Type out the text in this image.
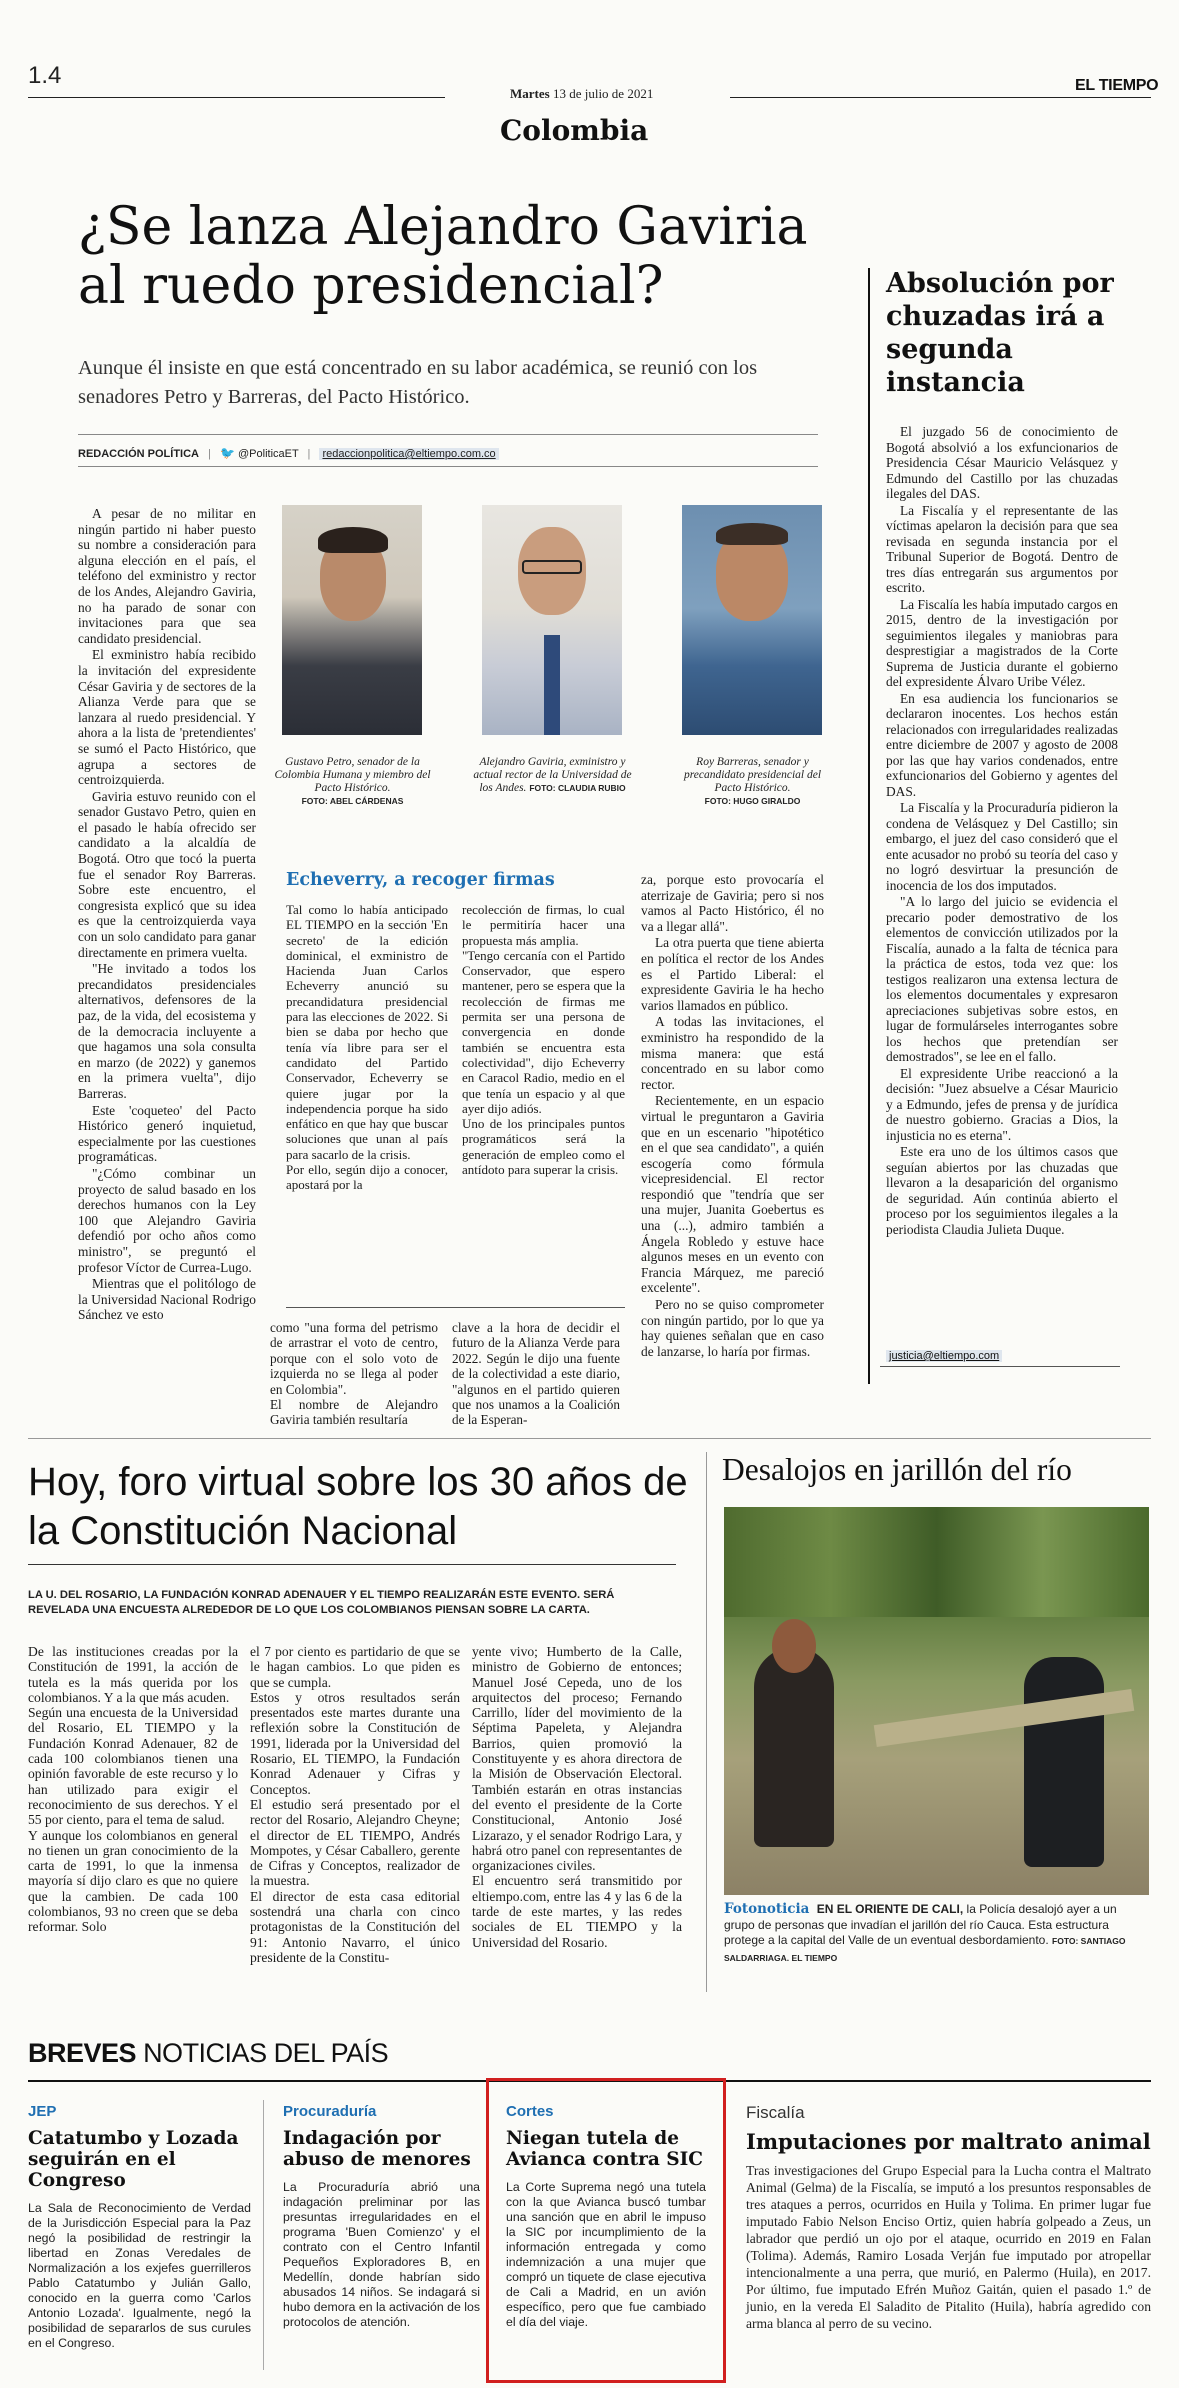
1.4
Martes 13 de julio de 2021	EL TIEMPO
Colombia
¿Se lanza Alejandro Gaviria al ruedo presidencial?
Aunque él insiste en que está concentrado en su labor académica, se reunió con los senadores Petro y Barreras, del Pacto Histórico.
REDACCIÓN POLÍTICA | 🐦 @PoliticaET | redaccionpolitica@eltiempo.com.co

A pesar de no militar en ningún partido ni haber puesto su nombre a consideración para alguna elección en el país, el teléfono del exministro y rector de los Andes, Alejandro Gaviria, no ha parado de sonar con invitaciones para que sea candidato presidencial.

El exministro había recibido la invitación del expresidente César Gaviria y de sectores de la Alianza Verde para que se lanzara al ruedo presidencial. Y ahora a la lista de 'pretendientes' se sumó el Pacto Histórico, que agrupa a sectores de centroizquierda.

Gaviria estuvo reunido con el senador Gustavo Petro, quien en el pasado le había ofrecido ser candidato a la alcaldía de Bogotá. Otro que tocó la puerta fue el senador Roy Barreras. Sobre este encuentro, el congresista explicó que su idea es que la centroizquierda vaya con un solo candidato para ganar directamente en primera vuelta.

"He invitado a todos los precandidatos presidenciales alternativos, defensores de la paz, de la vida, del ecosistema y de la democracia incluyente a que hagamos una sola consulta en marzo (de 2022) y ganemos en la primera vuelta", dijo Barreras.

Este 'coqueteo' del Pacto Histórico generó inquietud, especialmente por las cuestiones programáticas.

"¿Cómo combinar un proyecto de salud basado en los derechos humanos con la Ley 100 que Alejandro Gaviria defendió por ocho años como ministro", se preguntó el profesor Víctor de Currea-Lugo.

Mientras que el politólogo de la Universidad Nacional Rodrigo Sánchez ve esto

Gustavo Petro, senador de la Colombia Humana y miembro del Pacto Histórico.
FOTO: ABEL CÁRDENAS
Alejandro Gaviria, exministro y actual rector de la Universidad de los Andes. FOTO: CLAUDIA RUBIO
Roy Barreras, senador y precandidato presidencial del Pacto Histórico.
FOTO: HUGO GIRALDO
Echeverry, a recoger firmas
Tal como lo había anticipado EL TIEMPO en la sección 'En secreto' de la edición dominical, el exministro de Hacienda Juan Carlos Echeverry anunció su precandidatura presidencial para las elecciones de 2022. Si bien se daba por hecho que tenía vía libre para ser el candidato del Partido Conservador, Echeverry se quiere jugar por la independencia porque ha sido enfático en que hay que buscar soluciones que unan al país para sacarlo de la crisis.
Por ello, según dijo a conocer, apostará por la
recolección de firmas, lo cual le permitiría hacer una propuesta más amplia.
"Tengo cercanía con el Partido Conservador, que espero mantener, pero se espera que la recolección de firmas me permita ser una persona de convergencia en donde también se encuentra esta colectividad", dijo Echeverry en Caracol Radio, medio en el que tenía un espacio y al que ayer dijo adiós.
Uno de los principales puntos programáticos será la generación de empleo como el antídoto para superar la crisis.
como "una forma del petrismo de arrastrar el voto de centro, porque con el solo voto de izquierda no se llega al poder en Colombia".
El nombre de Alejandro Gaviria también resultaría
clave a la hora de decidir el futuro de la Alianza Verde para 2022. Según le dijo una fuente de la colectividad a este diario, "algunos en el partido quieren que nos unamos a la Coalición de la Esperan-

za, porque esto provocaría el aterrizaje de Gaviria; pero si nos vamos al Pacto Histórico, él no va a llegar allá".

La otra puerta que tiene abierta en política el rector de los Andes es el Partido Liberal: el expresidente Gaviria le ha hecho varios llamados en público.

A todas las invitaciones, el exministro ha respondido de la misma manera: que está concentrado en su labor como rector.

Recientemente, en un espacio virtual le preguntaron a Gaviria que en un escenario "hipotético en el que sea candidato", a quién escogería como fórmula vicepresidencial. El rector respondió que "tendría que ser una mujer, Juanita Goebertus es una (...), admiro también a Ángela Robledo y estuve hace algunos meses en un evento con Francia Márquez, me pareció excelente".

Pero no se quiso comprometer con ningún partido, por lo que ya hay quienes señalan que en caso de lanzarse, lo haría por firmas.

Absolución por chuzadas irá a segunda instancia

El juzgado 56 de conocimiento de Bogotá absolvió a los exfuncionarios de Presidencia César Mauricio Velásquez y Edmundo del Castillo por las chuzadas ilegales del DAS.

La Fiscalía y el representante de las víctimas apelaron la decisión para que sea revisada en segunda instancia por el Tribunal Superior de Bogotá. Dentro de tres días entregarán sus argumentos por escrito.

La Fiscalía les había imputado cargos en 2015, dentro de la investigación por seguimientos ilegales y maniobras para desprestigiar a magistrados de la Corte Suprema de Justicia durante el gobierno del expresidente Álvaro Uribe Vélez.

En esa audiencia los funcionarios se declararon inocentes. Los hechos están relacionados con irregularidades realizadas entre diciembre de 2007 y agosto de 2008 por las que hay varios condenados, entre exfuncionarios del Gobierno y agentes del DAS.

La Fiscalía y la Procuraduría pidieron la condena de Velásquez y Del Castillo; sin embargo, el juez del caso consideró que el ente acusador no probó su teoría del caso y no logró desvirtuar la presunción de inocencia de los dos imputados.

"A lo largo del juicio se evidencia el precario poder demostrativo de los elementos de convicción utilizados por la Fiscalía, aunado a la falta de técnica para la práctica de estos, toda vez que: los testigos realizaron una extensa lectura de los elementos documentales y expresaron apreciaciones subjetivas sobre estos, en lugar de formulárseles interrogantes sobre los hechos que pretendían ser demostrados", se lee en el fallo.

El expresidente Uribe reaccionó a la decisión: "Juez absuelve a César Mauricio y a Edmundo, jefes de prensa y de jurídica de nuestro gobierno. Gracias a Dios, la injusticia no es eterna".

Este era uno de los últimos casos que seguían abiertos por las chuzadas que llevaron a la desaparición del organismo de seguridad. Aún continúa abierto el proceso por los seguimientos ilegales a la periodista Claudia Julieta Duque.

justicia@eltiempo.com
Hoy, foro virtual sobre los 30 años de la Constitución Nacional
LA U. DEL ROSARIO, LA FUNDACIÓN KONRAD ADENAUER Y EL TIEMPO REALIZARÁN ESTE EVENTO. SERÁ REVELADA UNA ENCUESTA ALREDEDOR DE LO QUE LOS COLOMBIANOS PIENSAN SOBRE LA CARTA.
De las instituciones creadas por la Constitución de 1991, la acción de tutela es la más querida por los colombianos. Y a la que más acuden.
Según una encuesta de la Universidad del Rosario, EL TIEMPO y la Fundación Konrad Adenauer, 82 de cada 100 colombianos tienen una opinión favorable de este recurso y lo han utilizado para exigir el reconocimiento de sus derechos. Y el 55 por ciento, para el tema de salud.
Y aunque los colombianos en general no tienen un gran conocimiento de la carta de 1991, lo que la inmensa mayoría sí dijo claro es que no quiere que la cambien. De cada 100 colombianos, 93 no creen que se deba reformar. Solo
el 7 por ciento es partidario de que se le hagan cambios. Lo que piden es que se cumpla.
Estos y otros resultados serán presentados este martes durante una reflexión sobre la Constitución de 1991, liderada por la Universidad del Rosario, EL TIEMPO, la Fundación Konrad Adenauer y Cifras y Conceptos.
El estudio será presentado por el rector del Rosario, Alejandro Cheyne; el director de EL TIEMPO, Andrés Mompotes, y César Caballero, gerente de Cifras y Conceptos, realizador de la muestra.
El director de esta casa editorial sostendrá una charla con cinco protagonistas de la Constitución del 91: Antonio Navarro, el único presidente de la Constitu-
yente vivo; Humberto de la Calle, ministro de Gobierno de entonces; Manuel José Cepeda, uno de los arquitectos del proceso; Fernando Carrillo, líder del movimiento de la Séptima Papeleta, y Alejandra Barrios, quien promovió la Constituyente y es ahora directora de la Misión de Observación Electoral. También estarán en otras instancias del evento el presidente de la Corte Constitucional, Antonio José Lizarazo, y el senador Rodrigo Lara, y habrá otro panel con representantes de organizaciones civiles.
El encuentro será transmitido por eltiempo.com, entre las 4 y las 6 de la tarde de este martes, y las redes sociales de EL TIEMPO y la Universidad del Rosario.
Desalojos en jarillón del río
Fotonoticia EN EL ORIENTE DE CALI, la Policía desalojó ayer a un grupo de personas que invadían el jarillón del río Cauca. Esta estructura protege a la capital del Valle de un eventual desbordamiento. FOTO: SANTIAGO SALDARRIAGA. EL TIEMPO
BREVES NOTICIAS DEL PAÍS
JEP
Catatumbo y Lozada seguirán en el Congreso
La Sala de Reconocimiento de Verdad de la Jurisdicción Especial para la Paz negó la posibilidad de restringir la libertad en Zonas Veredales de Normalización a los exjefes guerrilleros Pablo Catatumbo y Julián Gallo, conocido en la guerra como 'Carlos Antonio Lozada'. Igualmente, negó la posibilidad de separarlos de sus curules en el Congreso.
Procuraduría
Indagación por abuso de menores
La Procuraduría abrió una indagación preliminar por las presuntas irregularidades en el programa 'Buen Comienzo' y el contrato con el Centro Infantil Pequeños Exploradores B, en Medellín, donde habrían sido abusados 14 niños. Se indagará si hubo demora en la activación de los protocolos de atención.
Cortes
Niegan tutela de Avianca contra SIC
La Corte Suprema negó una tutela con la que Avianca buscó tumbar una sanción que en abril le impuso la SIC por incumplimiento de la información entregada y como indemnización a una mujer que compró un tiquete de clase ejecutiva de Cali a Madrid, en un avión específico, pero que fue cambiado el día del viaje.
Fiscalía
Imputaciones por maltrato animal
Tras investigaciones del Grupo Especial para la Lucha contra el Maltrato Animal (Gelma) de la Fiscalía, se imputó a los presuntos responsables de tres ataques a perros, ocurridos en Huila y Tolima. En primer lugar fue imputado Fabio Nelson Enciso Ortiz, quien habría golpeado a Zeus, un labrador que perdió un ojo por el ataque, ocurrido en 2019 en Falan (Tolima). Además, Ramiro Losada Verján fue imputado por atropellar intencionalmente a una perra, que murió, en Palermo (Huila), en 2017. Por último, fue imputado Efrén Muñoz Gaitán, quien el pasado 1.º de junio, en la vereda El Saladito de Pitalito (Huila), habría agredido con arma blanca al perro de su vecino.
